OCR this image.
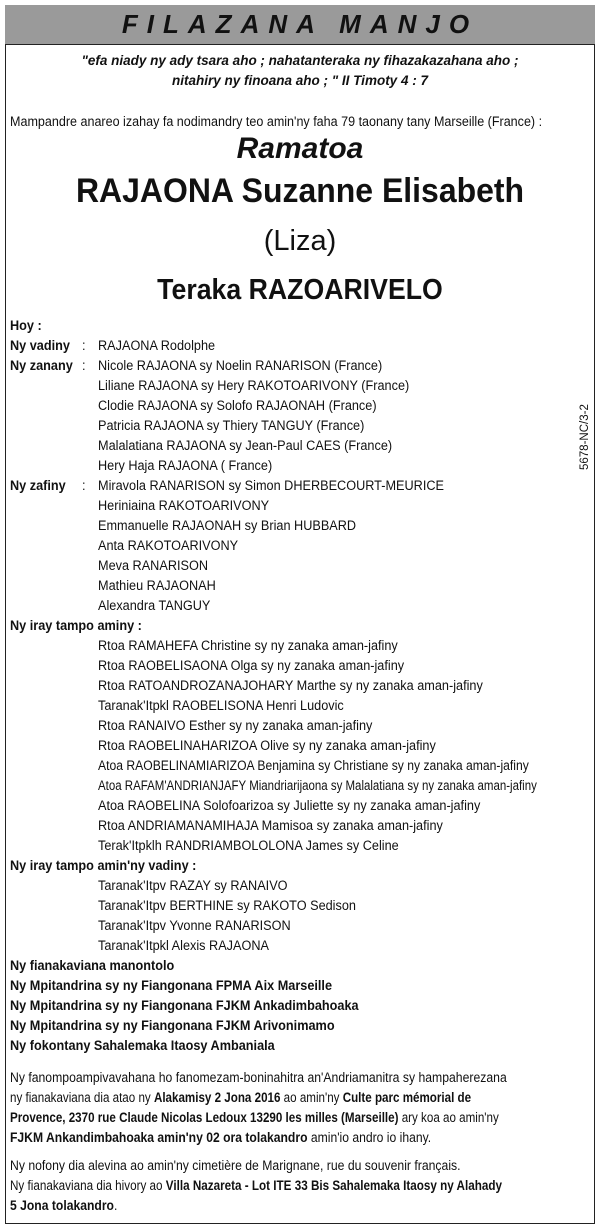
FILAZANA MANJO
"efa niady ny ady tsara aho ; nahatanteraka ny fihazakazahana aho ;
nitahiry ny finoana aho ; " II Timoty 4 : 7
Mampandre anareo izahay fa nodimandry teo amin'ny faha 79 taonany tany Marseille (France) :
Ramatoa
RAJAONA Suzanne Elisabeth
(Liza)
Teraka RAZOARIVELO
Hoy :
Ny vadiny : RAJAONA Rodolphe
Ny zanany : Nicole RAJAONA sy Noelin RANARISON (France)
Liliane RAJAONA sy Hery RAKOTOARIVONY (France)
Clodie RAJAONA sy Solofo RAJAONAH (France)
Patricia RAJAONA sy Thiery TANGUY (France)
Malalatiana RAJAONA sy Jean-Paul CAES (France)
Hery Haja RAJAONA ( France)
Ny zafiny : Miravola RANARISON sy Simon DHERBECOURT-MEURICE
Heriniaina RAKOTOARIVONY
Emmanuelle RAJAONAH sy Brian HUBBARD
Anta RAKOTOARIVONY
Meva RANARISON
Mathieu RAJAONAH
Alexandra TANGUY
Ny iray tampo aminy :
Rtoa RAMAHEFA Christine sy ny zanaka aman-jafiny
Rtoa RAOBELISAONA Olga sy ny zanaka aman-jafiny
Rtoa RATOANDROZANAJOHARY Marthe sy ny zanaka aman-jafiny
Taranak'Itpkl RAOBELISONA Henri Ludovic
Rtoa RANAIVO Esther sy ny zanaka aman-jafiny
Rtoa RAOBELINAHARIZOA Olive sy ny zanaka aman-jafiny
Atoa RAOBELINAMIARIZOA Benjamina sy Christiane sy ny zanaka aman-jafiny
Atoa RAFAM'ANDRIANJAFY Miandriarijaona sy Malalatiana sy ny zanaka aman-jafiny
Atoa RAOBELINA Solofoarizoa sy Juliette sy ny zanaka aman-jafiny
Rtoa ANDRIAMANAMIHAJA Mamisoa sy zanaka aman-jafiny
Terak'Itpklh RANDRIAMBOLOLONA James sy Celine
Ny iray tampo amin'ny vadiny :
Taranak'Itpv RAZAY sy RANAIVO
Taranak'Itpv BERTHINE sy RAKOTO Sedison
Taranak'Itpv Yvonne RANARISON
Taranak'Itpkl Alexis RAJAONA
Ny fianakaviana manontolo
Ny Mpitandrina sy ny Fiangonana FPMA Aix Marseille
Ny Mpitandrina sy ny Fiangonana FJKM Ankadimbahoaka
Ny Mpitandrina sy ny Fiangonana FJKM Arivonimamo
Ny fokontany Sahalemaka Itaosy Ambaniala
5678-NC/3-2
Ny fanompoampivavahana ho fanomezam-boninahitra an'Andriamanitra sy hampaherezana
ny fianakaviana dia atao ny Alakamisy 2 Jona 2016 ao amin'ny Culte parc mémorial de
Provence, 2370 rue Claude Nicolas Ledoux 13290 les milles (Marseille) ary koa ao amin'ny
FJKM Ankandimbahoaka amin'ny 02 ora tolakandro amin'io andro io ihany.
Ny nofony dia alevina ao amin'ny cimetière de Marignane, rue du souvenir français.
Ny fianakaviana dia hivory ao Villa Nazareta - Lot ITE 33 Bis Sahalemaka Itaosy ny Alahady
5 Jona tolakandro.
